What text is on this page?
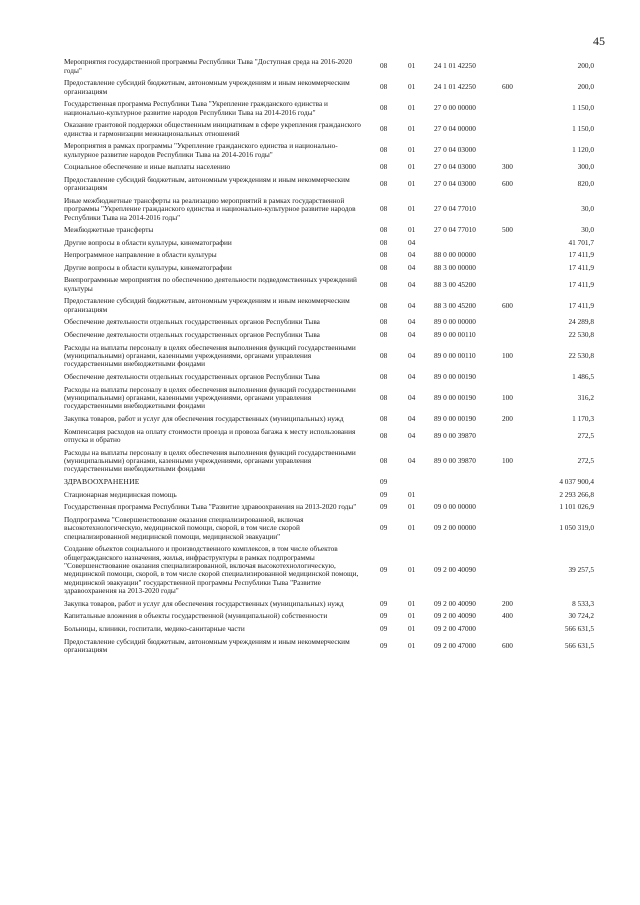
45
Мероприятия государственной программы Республики Тыва "Доступная среда на 2016-2020 годы"	08	01	24 1 01 42250		200,0
Предоставление субсидий бюджетным, автономным учреждениям и иным некоммерческим организациям	08	01	24 1 01 42250	600	200,0
Государственная программа Республики Тыва "Укрепление гражданского единства и национально-культурное развитие народов Республики Тыва на 2014-2016 годы"	08	01	27 0 00 00000		1 150,0
Оказание грантовой поддержки общественным инициативам в сфере укрепления гражданского единства и гармонизации межнациональных отношений	08	01	27 0 04 00000		1 150,0
Мероприятия в рамках программы "Укрепление гражданского единства и национально-культурное развитие народов Республики Тыва на 2014-2016 годы"	08	01	27 0 04 03000		1 120,0
Социальное обеспечение и иные выплаты населению	08	01	27 0 04 03000	300	300,0
Предоставление субсидий бюджетным, автономным учреждениям и иным некоммерческим организациям	08	01	27 0 04 03000	600	820,0
Иные межбюджетные трансферты на реализацию мероприятий в рамках государственной программы "Укрепление гражданского единства и национально-культурное развитие народов Республики Тыва на 2014-2016 годы"	08	01	27 0 04 77010		30,0
Межбюджетные трансферты	08	01	27 0 04 77010	500	30,0
Другие вопросы в области культуры, кинематографии	08	04			41 701,7
Непрограммное направление в области культуры	08	04	88 0 00 00000		17 411,9
Другие вопросы в области культуры, кинематографии	08	04	88 3 00 00000		17 411,9
Внепрограммные мероприятия по обеспечению деятельности подведомственных учреждений культуры	08	04	88 3 00 45200		17 411,9
Предоставление субсидий бюджетным, автономным учреждениям и иным некоммерческим организациям	08	04	88 3 00 45200	600	17 411,9
Обеспечение деятельности отдельных государственных органов Республики Тыва	08	04	89 0 00 00000		24 289,8
Обеспечение деятельности отдельных государственных органов Республики Тыва	08	04	89 0 00 00110		22 530,8
Расходы на выплаты персоналу в целях обеспечения выполнения функций государственными (муниципальными) органами, казенными учреждениями, органами управления государственными внебюджетными фондами	08	04	89 0 00 00110	100	22 530,8
Обеспечение деятельности отдельных государственных органов Республики Тыва	08	04	89 0 00 00190		1 486,5
Расходы на выплаты персоналу в целях обеспечения выполнения функций государственными (муниципальными) органами, казенными учреждениями, органами управления государственными внебюджетными фондами	08	04	89 0 00 00190	100	316,2
Закупка товаров, работ и услуг для обеспечения государственных (муниципальных) нужд	08	04	89 0 00 00190	200	1 170,3
Компенсация расходов на оплату стоимости проезда и провоза багажа к месту использования отпуска и обратно	08	04	89 0 00 39870		272,5
Расходы на выплаты персоналу в целях обеспечения выполнения функций государственными (муниципальными) органами, казенными учреждениями, органами управления государственными внебюджетными фондами	08	04	89 0 00 39870	100	272,5
ЗДРАВООХРАНЕНИЕ	09				4 037 900,4
Стационарная медицинская помощь	09	01			2 293 266,8
Государственная программа Республики Тыва "Развитие здравоохранения на 2013-2020 годы"	09	01	09 0 00 00000		1 101 026,9
Подпрограмма "Совершенствование оказания специализированной, включая высокотехнологическую, медицинской помощи, скорой, в том числе скорой специализированной медицинской помощи, медицинской эвакуации"	09	01	09 2 00 00000		1 050 319,0
Создание объектов социального и производственного комплексов, в том числе объектов общегражданского назначения, жилья, инфраструктуры в рамках подпрограммы "Совершенствование оказания специализированной, включая высокотехнологическую, медицинской помощи, скорой, в том числе скорой специализированной медицинской помощи, медицинской эвакуации" государственной программы Республики Тыва "Развитие здравоохранения на 2013-2020 годы"	09	01	09 2 00 40090		39 257,5
Закупка товаров, работ и услуг для обеспечения государственных (муниципальных) нужд	09	01	09 2 00 40090	200	8 533,3
Капитальные вложения в объекты государственной (муниципальной) собственности	09	01	09 2 00 40090	400	30 724,2
Больницы, клиники, госпитали, медико-санитарные части	09	01	09 2 00 47000		566 631,5
Предоставление субсидий бюджетным, автономным учреждениям и иным некоммерческим организациям	09	01	09 2 00 47000	600	566 631,5
